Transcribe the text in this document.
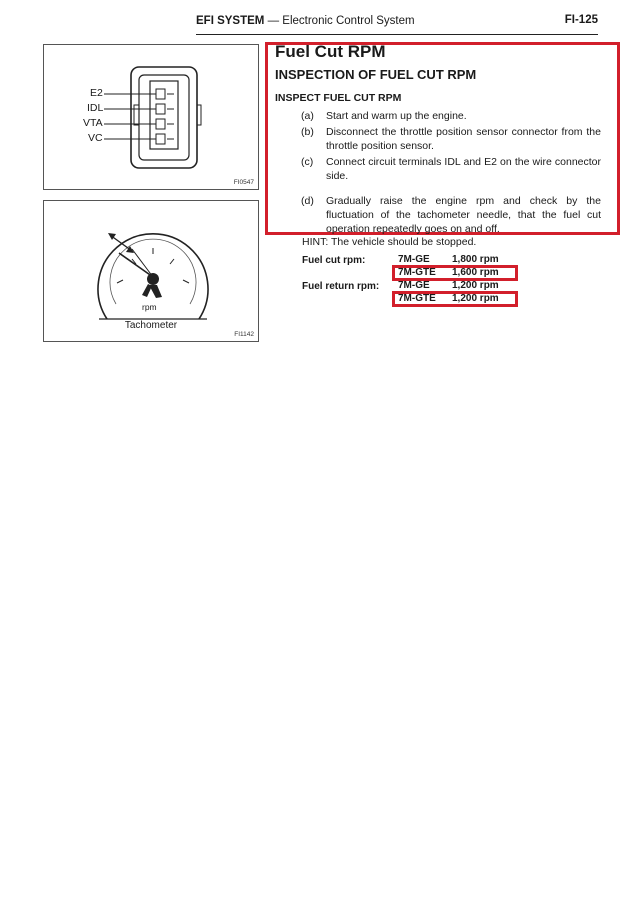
EFI SYSTEM — Electronic Control System	FI-125
E2
IDL
VTA
VC
FI0547
rpm
Tachometer
FI1142
Fuel Cut RPM
INSPECTION OF FUEL CUT RPM
INSPECT FUEL CUT RPM
(a) Start and warm up the engine.
(b) Disconnect the throttle position sensor connector from the throttle position sensor.
(c) Connect circuit terminals IDL and E2 on the wire connector side.
(d) Gradually raise the engine rpm and check by the fluctuation of the tachometer needle, that the fuel cut operation repeatedly goes on and off.
HINT: The vehicle should be stopped.
Fuel cut rpm:	7M-GE 1,800 rpm
7M-GTE 1,600 rpm
Fuel return rpm: 7M-GE 1,200 rpm
7M-GTE 1,200 rpm
